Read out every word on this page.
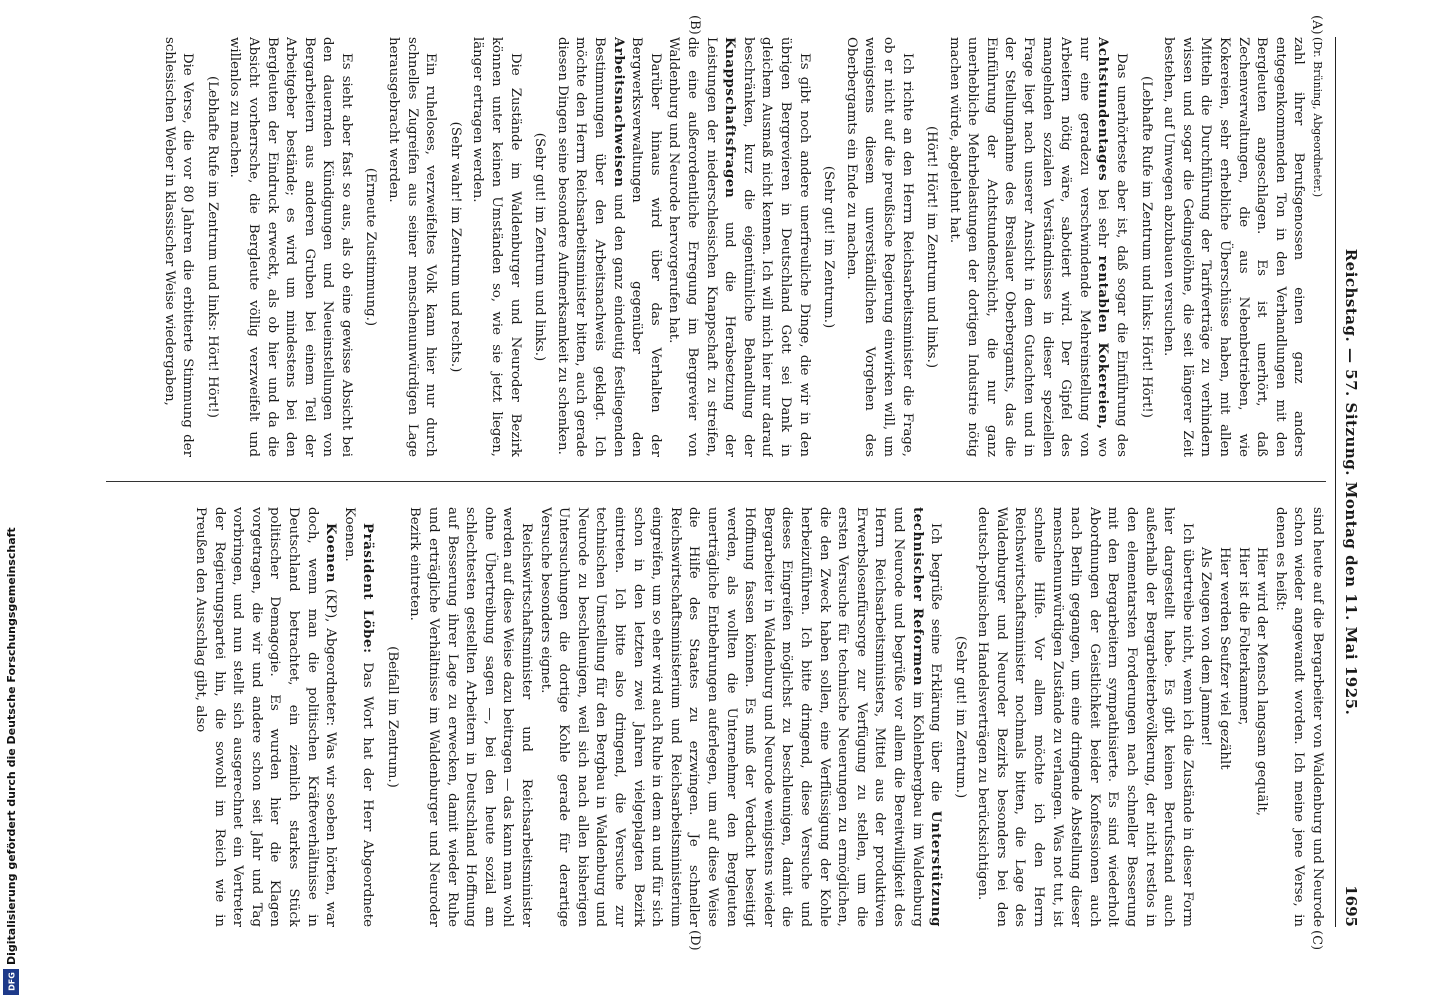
Reichstag. — 57. Sitzung. Montag den 11. Mai 1925.
1695
(A)
(B)
(C)
(D)

(Dr. Brüning, Abgeordneter.)

zahl ihrer Berufsgenossen einen ganz anders entgegenkommenden Ton in den Verhandlungen mit den Bergleuten angeschlagen. Es ist unerhört, daß Zechenverwaltungen, die aus Nebenbetrieben, wie Kokereien, sehr erhebliche Überschüsse haben, mit allen Mitteln die Durchführung der Tarifverträge zu verhindern wissen und sogar die Gedingelöhne, die seit längerer Zeit bestehen, auf Umwegen abzubauen versuchen.

(Lebhafte Rufe im Zentrum und links: Hört! Hört!)

Das unerhörteste aber ist, daß sogar die Einführung des Achtstundentages bei sehr rentablen Kokereien, wo nur eine geradezu verschwindende Mehreinstellung von Arbeitern nötig wäre, sabotiert wird. Der Gipfel des mangelnden sozialen Verständnisses in dieser speziellen Frage liegt nach unserer Ansicht in dem Gutachten und in der Stellungnahme des Breslauer Oberbergamts, das die Einführung der Achtstundenschicht, die nur ganz unerhebliche Mehrbelastungen der dortigen Industrie nötig machen würde, abgelehnt hat.

(Hört! Hört! im Zentrum und links.)

Ich richte an den Herrn Reichsarbeitsminister die Frage, ob er nicht auf die preußische Regierung einwirken will, um wenigstens diesem unverständlichen Vorgehen des Oberbergamts ein Ende zu machen.

(Sehr gut! im Zentrum.)

Es gibt noch andere unerfreuliche Dinge, die wir in den übrigen Bergrevieren in Deutschland Gott sei Dank in gleichem Ausmaß nicht kennen. Ich will mich hier nur darauf beschränken, kurz die eigentümliche Behandlung der Knappschaftsfragen und die Herabsetzung der Leistungen der niederschlesischen Knappschaft zu streifen, die eine außerordentliche Erregung im Bergrevier von Waldenburg und Neurode hervorgerufen hat.

Darüber hinaus wird über das Verhalten der Bergwerksverwaltungen gegenüber den Arbeitsnachweisen und den ganz eindeutig festliegenden Bestimmungen über den Arbeitsnachweis geklagt. Ich möchte den Herrn Reichsarbeitsminister bitten, auch gerade diesen Dingen seine besondere Aufmerksamkeit zu schenken.

(Sehr gut! im Zentrum und links.)

Die Zustände im Waldenburger und Neuroder Bezirk können unter keinen Umständen so, wie sie jetzt liegen, länger ertragen werden.

(Sehr wahr! im Zentrum und rechts.)

Ein ruheloses, verzweifeltes Volk kann hier nur durch schnelles Zugreifen aus seiner menschenunwürdigen Lage herausgebracht werden.

(Erneute Zustimmung.)

Es sieht aber fast so aus, als ob eine gewisse Absicht bei den dauernden Kündigungen und Neueinstellungen von Bergarbeitern aus anderen Gruben bei einem Teil der Arbeitgeber bestände; es wird um mindestens bei den Bergleuten der Eindruck erweckt, als ob hier und da die Absicht vorherrsche, die Bergleute völlig verzweifelt und willenlos zu machen.

(Lebhafte Rufe im Zentrum und links: Hört! Hört!)

Die Verse, die vor 80 Jahren die erbitterte Stimmung der schlesischen Weber in klassischer Weise wiedergaben,

sind heute auf die Bergarbeiter von Waldenburg und Neurode schon wieder angewandt worden. Ich meine jene Verse, in denen es heißt:

Hier wird der Mensch langsam gequält,

Hier ist die Folterkammer,

Hier werden Seufzer viel gezählt

Als Zeugen von dem Jammer!

Ich übertreibe nicht, wenn ich die Zustände in dieser Form hier dargestellt habe. Es gibt keinen Berufsstand auch außerhalb der Bergarbeiterbevölkerung, der nicht restlos in den elementarsten Forderungen nach schneller Besserung mit den Bergarbeitern sympathisierte. Es sind wiederholt Abordnungen der Geistlichkeit beider Konfessionen auch nach Berlin gegangen, um eine dringende Abstellung dieser menschenunwürdigen Zustände zu verlangen. Was not tut, ist schnelle Hilfe. Vor allem möchte ich den Herrn Reichswirtschaftsminister nochmals bitten, die Lage des Waldenburger und Neuroder Bezirks besonders bei den deutsch-polnischen Handelsverträgen zu berücksichtigen.

(Sehr gut! im Zentrum.)

Ich begrüße seine Erklärung über die Unterstützung technischer Reformen im Kohlenbergbau im Waldenburg und Neurode und begrüße vor allem die Bereitwilligkeit des Herrn Reichsarbeitsministers, Mittel aus der produktiven Erwerbslosenfürsorge zur Verfügung zu stellen, um die ersten Versuche für technische Neuerungen zu ermöglichen, die den Zweck haben sollen, eine Verflüssigung der Kohle herbeizuführen. Ich bitte dringend, diese Versuche und dieses Eingreifen möglichst zu beschleunigen, damit die Bergarbeiter in Waldenburg und Neurode wenigstens wieder Hoffnung fassen können. Es muß der Verdacht beseitigt werden, als wollten die Unternehmer den Bergleuten unerträgliche Entbehrungen auferlegen, um auf diese Weise die Hilfe des Staates zu erzwingen. Je schneller Reichswirtschaftsministerium und Reichsarbeitsministerium eingreifen, um so eher wird auch Ruhe in dem an und für sich schon in den letzten zwei Jahren vielgeplagten Bezirk eintreten. Ich bitte also dringend, die Versuche zur technischen Umstellung für den Bergbau in Waldenburg und Neurode zu beschleunigen, weil sich nach allen bisherigen Untersuchungen die dortige Kohle gerade für derartige Versuche besonders eignet.

Reichswirtschaftsminister und Reichsarbeitsminister werden auf diese Weise dazu beitragen — das kann man wohl ohne Übertreibung sagen —, bei den heute sozial am schlechtesten gestellten Arbeitern in Deutschland Hoffnung auf Besserung ihrer Lage zu erwecken, damit wieder Ruhe und erträgliche Verhältnisse im Waldenburger und Neuroder Bezirk eintreten.

(Beifall im Zentrum.)

Präsident Löbe: Das Wort hat der Herr Abgeordnete Koenen.

Koenen (KP), Abgeordneter: Was wir soeben hörten, war doch, wenn man die politischen Kräfteverhältnisse in Deutschland betrachtet, ein ziemlich starkes Stück politischer Demagogie. Es wurden hier die Klagen vorgetragen, die wir und andere schon seit Jahr und Tag vorbringen, und nun stellt sich ausgerechnet ein Vertreter der Regierungspartei hin, die sowohl im Reich wie in Preußen den Ausschlag gibt, also

Digitalisierung gefördert durch die Deutsche Forschungsgemeinschaft
DFG
